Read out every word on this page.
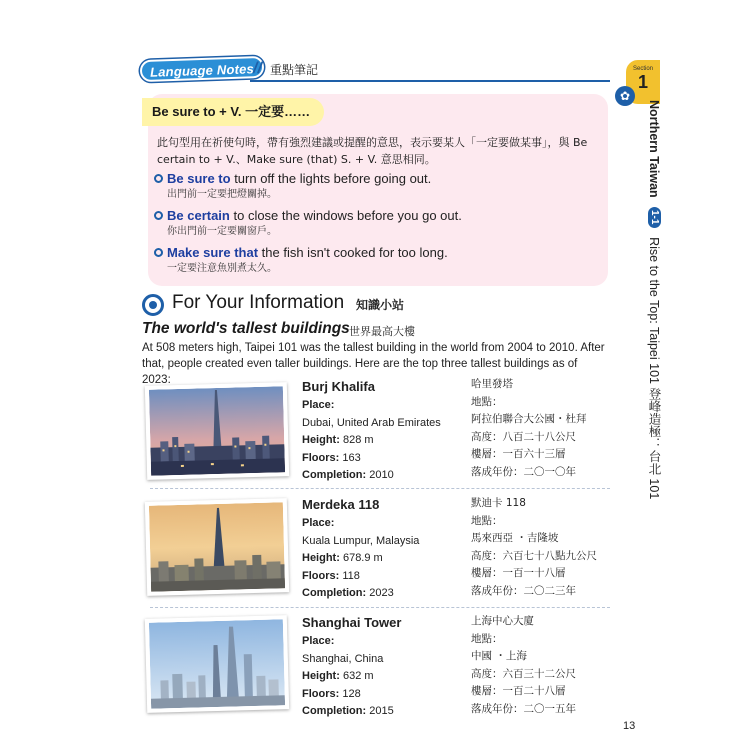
Language Notes
// 重點筆記	Section
1
✿
Northern Taiwan 1-1 Rise to the Top: Taipei 101 登峰造極：台北 101
Be sure to + V. 一定要……
此句型用在祈使句時，帶有強烈建議或提醒的意思，表示要某人「一定要做某事」，與 Be certain to + V.、Make sure (that) S. + V. 意思相同。
Be sure to turn off the lights before going out.
出門前一定要把燈關掉。
Be certain to close the windows before you go out.
你出門前一定要關窗戶。
Make sure that the fish isn't cooked for too long.
一定要注意魚別煮太久。
For Your Information 知識小站
The world's tallest buildings 世界最高大樓
At 508 meters high, Taipei 101 was the tallest building in the world from 2004 to 2010. After that, people created even taller buildings. Here are the top three tallest buildings as of 2023:	Burj Khalifa
Place:
Dubai, United Arab Emirates
Height: 828 m
Floors: 163
Completion: 2010
哈里發塔
地點：
阿拉伯聯合大公國・杜拜
高度：八百二十八公尺
樓層：一百六十三層
落成年份：二〇一〇年
Merdeka 118
Place:
Kuala Lumpur, Malaysia
Height: 678.9 m
Floors: 118
Completion: 2023
默迪卡 118
地點：
馬來西亞 ・吉隆坡
高度：六百七十八點九公尺
樓層：一百一十八層
落成年份：二〇二三年
Shanghai Tower
Place:
Shanghai, China
Height: 632 m
Floors: 128
Completion: 2015
上海中心大廈
地點：
中國 ・上海
高度：六百三十二公尺
樓層：一百二十八層
落成年份：二〇一五年
13
